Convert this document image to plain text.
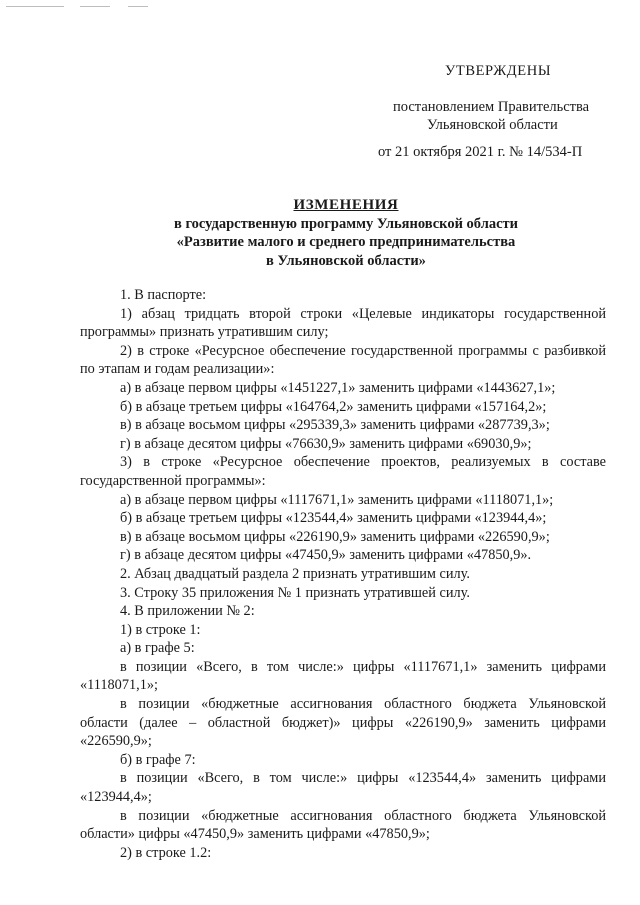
УТВЕРЖДЕНЫ
постановлением Правительства
Ульяновской области
от 21 октября 2021 г. № 14/534-П
ИЗМЕНЕНИЯ
в государственную программу Ульяновской области
«Развитие малого и среднего предпринимательства
в Ульяновской области»

1. В паспорте:

1) абзац тридцать второй строки «Целевые индикаторы государственной программы» признать утратившим силу;

2) в строке «Ресурсное обеспечение государственной программы с разбивкой по этапам и годам реализации»:

а) в абзаце первом цифры «1451227,1» заменить цифрами «1443627,1»;

б) в абзаце третьем цифры «164764,2» заменить цифрами «157164,2»;

в) в абзаце восьмом цифры «295339,3» заменить цифрами «287739,3»;

г) в абзаце десятом цифры «76630,9» заменить цифрами «69030,9»;

3) в строке «Ресурсное обеспечение проектов, реализуемых в составе государственной программы»:

а) в абзаце первом цифры «1117671,1» заменить цифрами «1118071,1»;

б) в абзаце третьем цифры «123544,4» заменить цифрами «123944,4»;

в) в абзаце восьмом цифры «226190,9» заменить цифрами «226590,9»;

г) в абзаце десятом цифры «47450,9» заменить цифрами «47850,9».

2. Абзац двадцатый раздела 2 признать утратившим силу.

3. Строку 35 приложения № 1 признать утратившей силу.

4. В приложении № 2:

1) в строке 1:

а) в графе 5:

в позиции «Всего, в том числе:» цифры «1117671,1» заменить цифрами «1118071,1»;

в позиции «бюджетные ассигнования областного бюджета Ульяновской области (далее – областной бюджет)» цифры «226190,9» заменить цифрами «226590,9»;

б) в графе 7:

в позиции «Всего, в том числе:» цифры «123544,4» заменить цифрами «123944,4»;

в позиции «бюджетные ассигнования областного бюджета Ульяновской области» цифры «47450,9» заменить цифрами «47850,9»;

2) в строке 1.2:
